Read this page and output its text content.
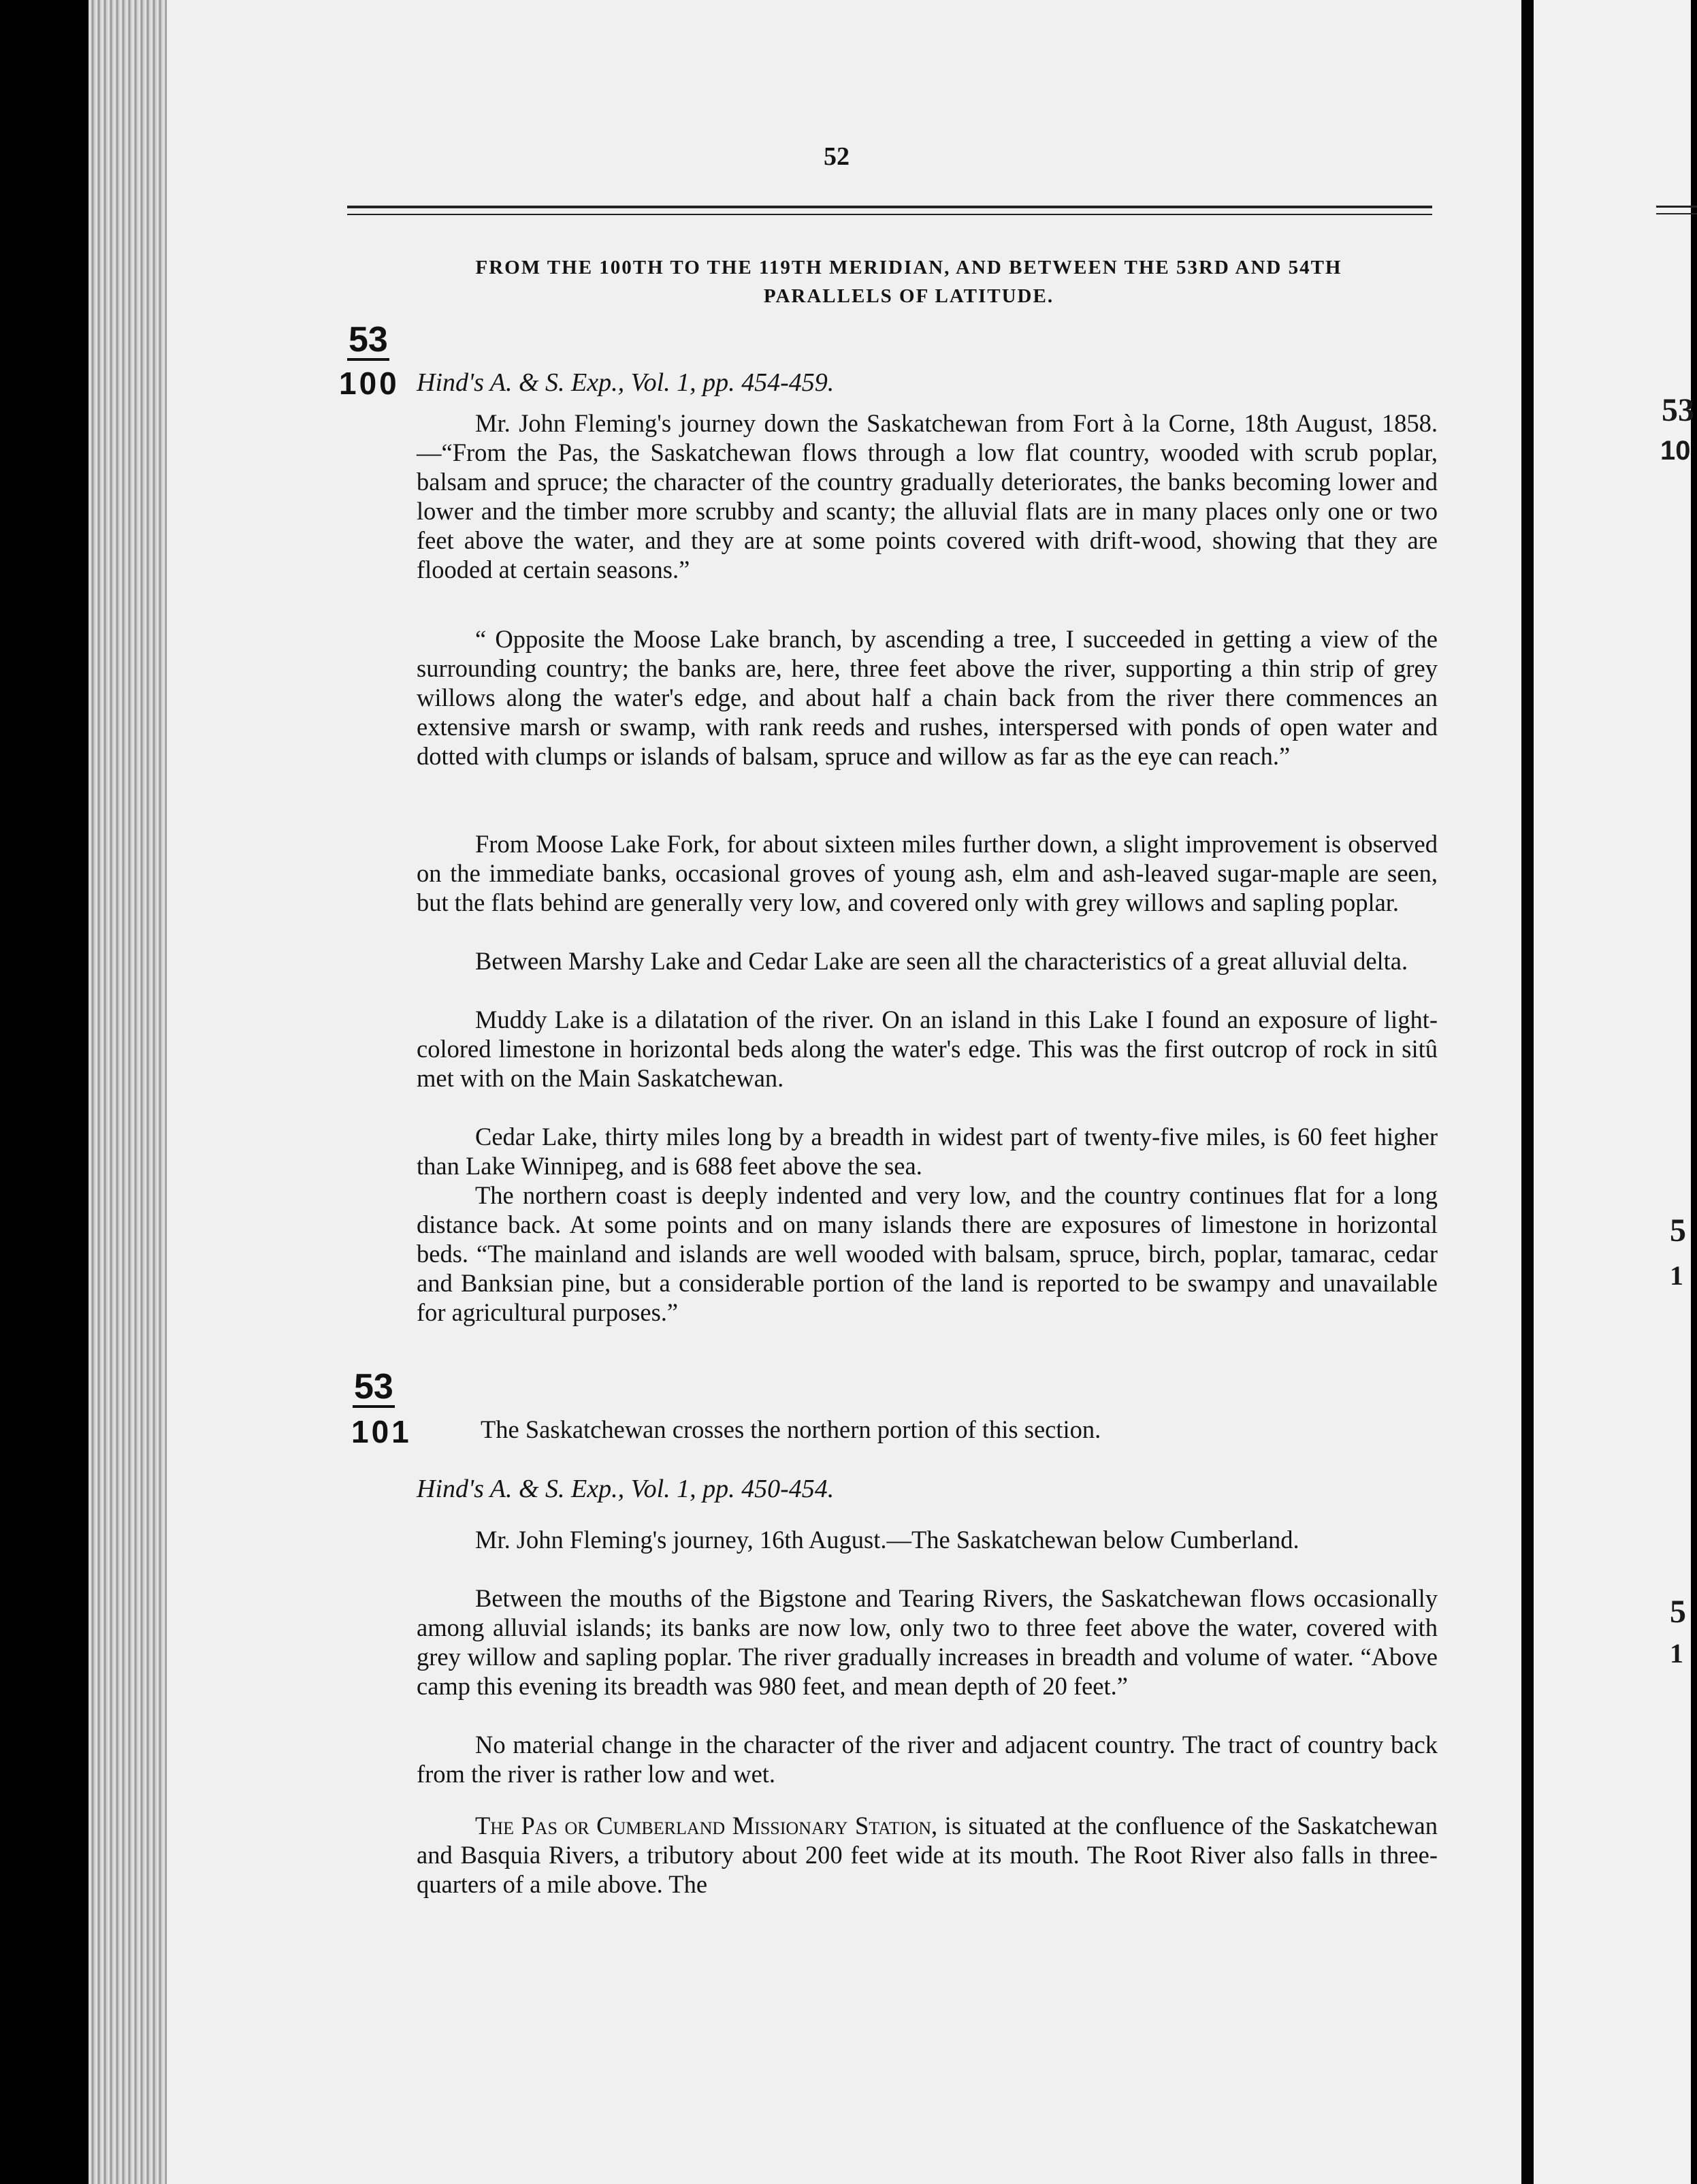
53
10
5
1
5
1
52
FROM THE 100TH TO THE 119TH MERIDIAN, AND BETWEEN THE 53RD AND 54TH
PARALLELS OF LATITUDE.
53
100 Hind's A. & S. Exp., Vol. 1, pp. 454-459.

Mr. John Fleming's journey down the Saskatchewan from Fort à la Corne, 18th August, 1858.—“From the Pas, the Saskatchewan flows through a low flat country, wooded with scrub poplar, balsam and spruce; the character of the country gradually deteriorates, the banks becoming lower and lower and the timber more scrubby and scanty; the alluvial flats are in many places only one or two feet above the water, and they are at some points covered with drift-wood, showing that they are flooded at certain seasons.”

“ Opposite the Moose Lake branch, by ascending a tree, I succeeded in getting a view of the surrounding country; the banks are, here, three feet above the river, supporting a thin strip of grey willows along the water's edge, and about half a chain back from the river there commences an extensive marsh or swamp, with rank reeds and rushes, interspersed with ponds of open water and dotted with clumps or islands of balsam, spruce and willow as far as the eye can reach.”

From Moose Lake Fork, for about sixteen miles further down, a slight improvement is observed on the immediate banks, occasional groves of young ash, elm and ash-leaved sugar-maple are seen, but the flats behind are generally very low, and covered only with grey willows and sapling poplar.

Between Marshy Lake and Cedar Lake are seen all the characteristics of a great alluvial delta.

Muddy Lake is a dilatation of the river. On an island in this Lake I found an exposure of light-colored limestone in horizontal beds along the water's edge. This was the first outcrop of rock in sitû met with on the Main Saskatchewan.

Cedar Lake, thirty miles long by a breadth in widest part of twenty-five miles, is 60 feet higher than Lake Winnipeg, and is 688 feet above the sea.

The northern coast is deeply indented and very low, and the country continues flat for a long distance back. At some points and on many islands there are exposures of limestone in horizontal beds. “The mainland and islands are well wooded with balsam, spruce, birch, poplar, tamarac, cedar and Banksian pine, but a considerable portion of the land is reported to be swampy and unavailable for agricultural purposes.”

53
101	The Saskatchewan crosses the northern portion of this section.

Hind's A. & S. Exp., Vol. 1, pp. 450-454.

Mr. John Fleming's journey, 16th August.—The Saskatchewan below Cumberland.

Between the mouths of the Bigstone and Tearing Rivers, the Saskatchewan flows occasionally among alluvial islands; its banks are now low, only two to three feet above the water, covered with grey willow and sapling poplar. The river gradually increases in breadth and volume of water. “Above camp this evening its breadth was 980 feet, and mean depth of 20 feet.”

No material change in the character of the river and adjacent country. The tract of country back from the river is rather low and wet.

The Pas or Cumberland Missionary Station, is situated at the confluence of the Saskatchewan and Basquia Rivers, a tributory about 200 feet wide at its mouth. The Root River also falls in three-quarters of a mile above. The
